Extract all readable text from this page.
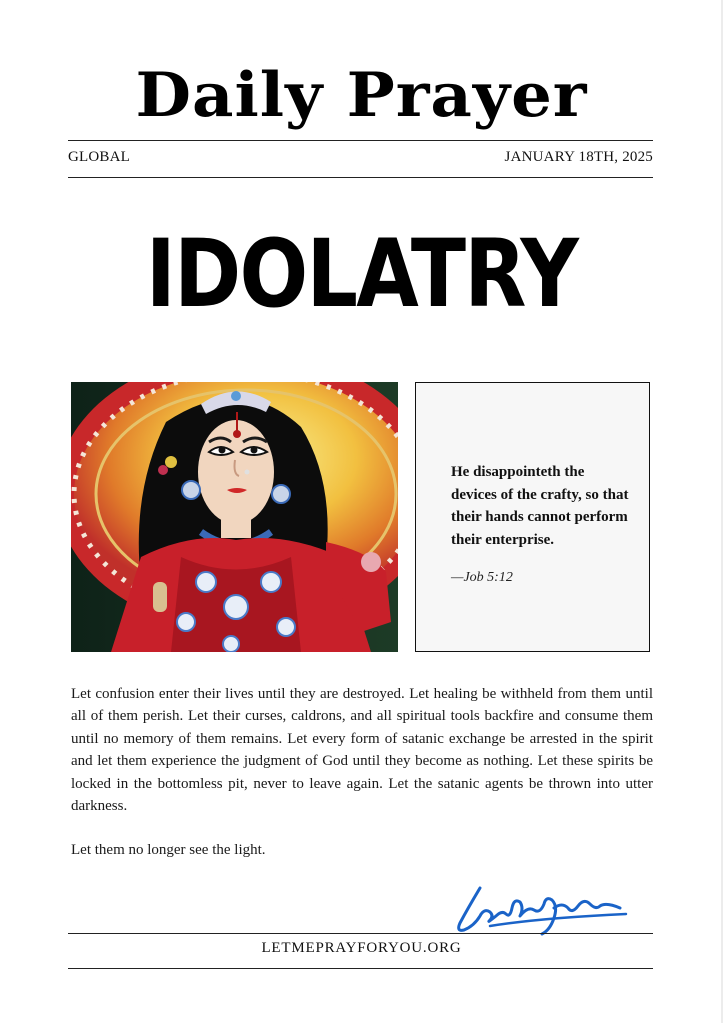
Daily Prayer
GLOBAL	JANUARY 18TH, 2025
IDOLATRY
He disappointeth the devices of the crafty, so that their hands cannot perform their enterprise.
—Job 5:12

Let confusion enter their lives until they are destroyed. Let healing be withheld from them until all of them perish. Let their curses, caldrons, and all spiritual tools backfire and consume them until no memory of them remains. Let every form of satanic exchange be arrested in the spirit and let them experience the judgment of God until they become as nothing. Let these spirits be locked in the bottomless pit, never to leave again. Let the satanic agents be thrown into utter darkness.

Let them no longer see the light.

LETMEPRAYFORYOU.ORG
